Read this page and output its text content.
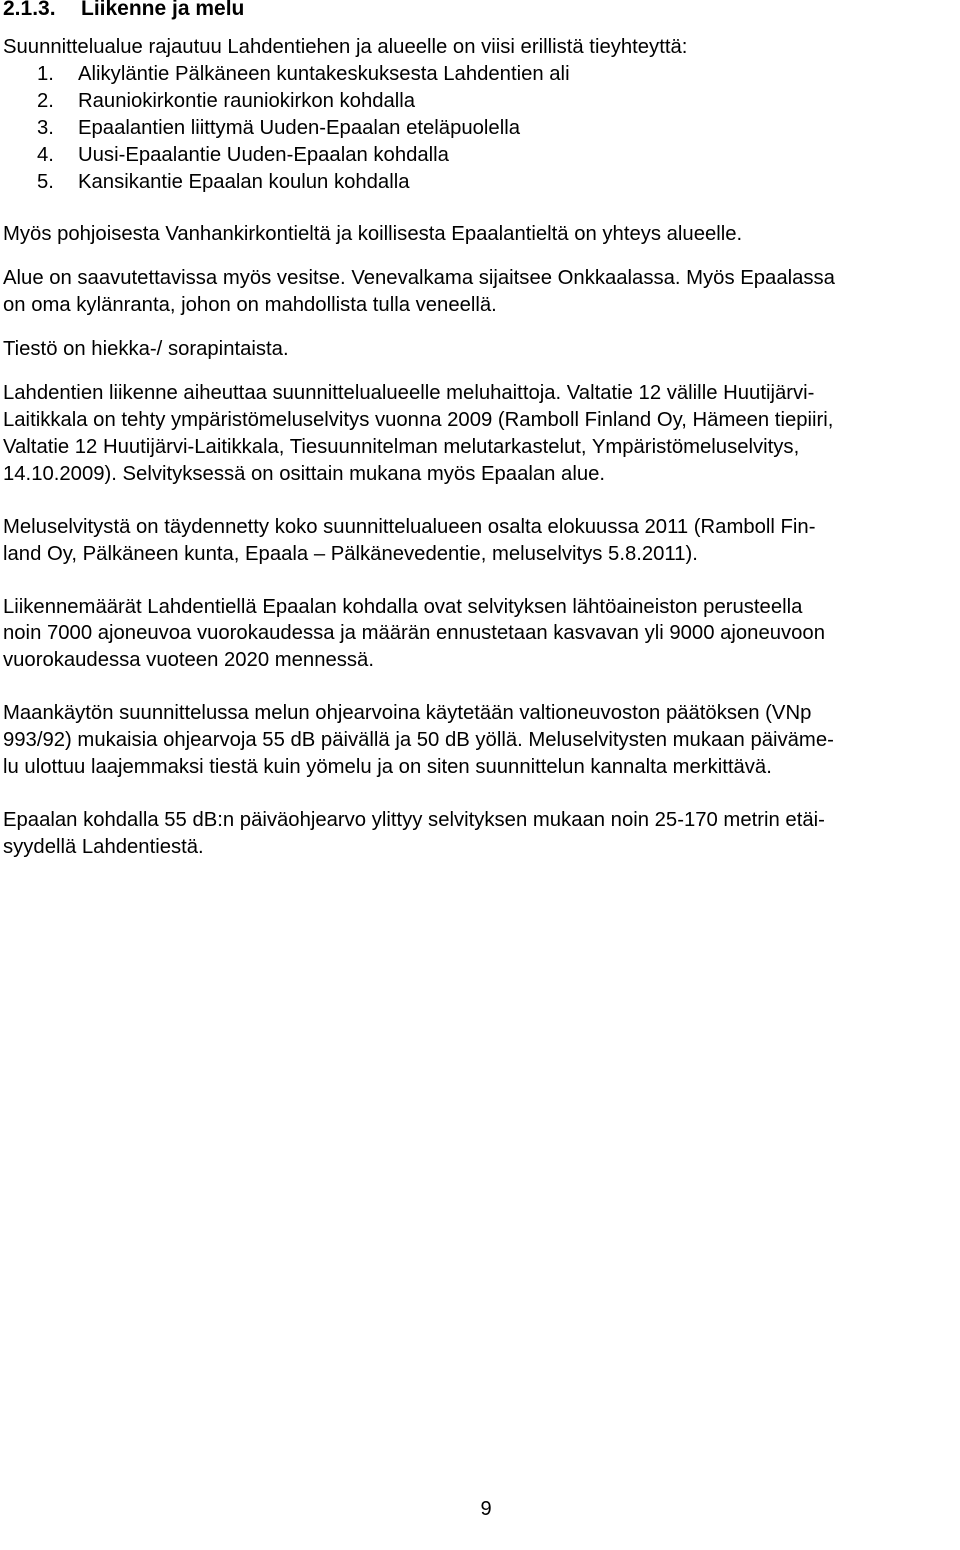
2.1.3. Liikenne ja melu

Suunnittelualue rajautuu Lahdentiehen ja alueelle on viisi erillistä tieyhteyttä:

1. Alikyläntie Pälkäneen kuntakeskuksesta Lahdentien ali
2. Rauniokirkontie rauniokirkon kohdalla
3. Epaalantien liittymä Uuden-Epaalan eteläpuolella
4. Uusi-Epaalantie Uuden-Epaalan kohdalla
5. Kansikantie Epaalan koulun kohdalla

Myös pohjoisesta Vanhankirkontieltä ja koillisesta Epaalantieltä on yhteys alueelle.

Alue on saavutettavissa myös vesitse. Venevalkama sijaitsee Onkkaalassa. Myös Epaalassa
on oma kylänranta, johon on mahdollista tulla veneellä.

Tiestö on hiekka-/ sorapintaista.

Lahdentien liikenne aiheuttaa suunnittelualueelle meluhaittoja. Valtatie 12 välille Huutijärvi-
Laitikkala on tehty ympäristömeluselvitys vuonna 2009 (Ramboll Finland Oy, Hämeen tiepiiri,
Valtatie 12 Huutijärvi-Laitikkala, Tiesuunnitelman melutarkastelut, Ympäristömeluselvitys,
14.10.2009). Selvityksessä on osittain mukana myös Epaalan alue.
Meluselvitystä on täydennetty koko suunnittelualueen osalta elokuussa 2011 (Ramboll Fin-
land Oy, Pälkäneen kunta, Epaala – Pälkänevedentie, meluselvitys 5.8.2011).
Liikennemäärät Lahdentiellä Epaalan kohdalla ovat selvityksen lähtöaineiston perusteella
noin 7000 ajoneuvoa vuorokaudessa ja määrän ennustetaan kasvavan yli 9000 ajoneuvoon
vuorokaudessa vuoteen 2020 mennessä.
Maankäytön suunnittelussa melun ohjearvoina käytetään valtioneuvoston päätöksen (VNp
993/92) mukaisia ohjearvoja 55 dB päivällä ja 50 dB yöllä. Meluselvitysten mukaan päiväme-
lu ulottuu laajemmaksi tiestä kuin yömelu ja on siten suunnittelun kannalta merkittävä.
Epaalan kohdalla 55 dB:n päiväohjearvo ylittyy selvityksen mukaan noin 25-170 metrin etäi-
syydellä Lahdentiestä.
9
